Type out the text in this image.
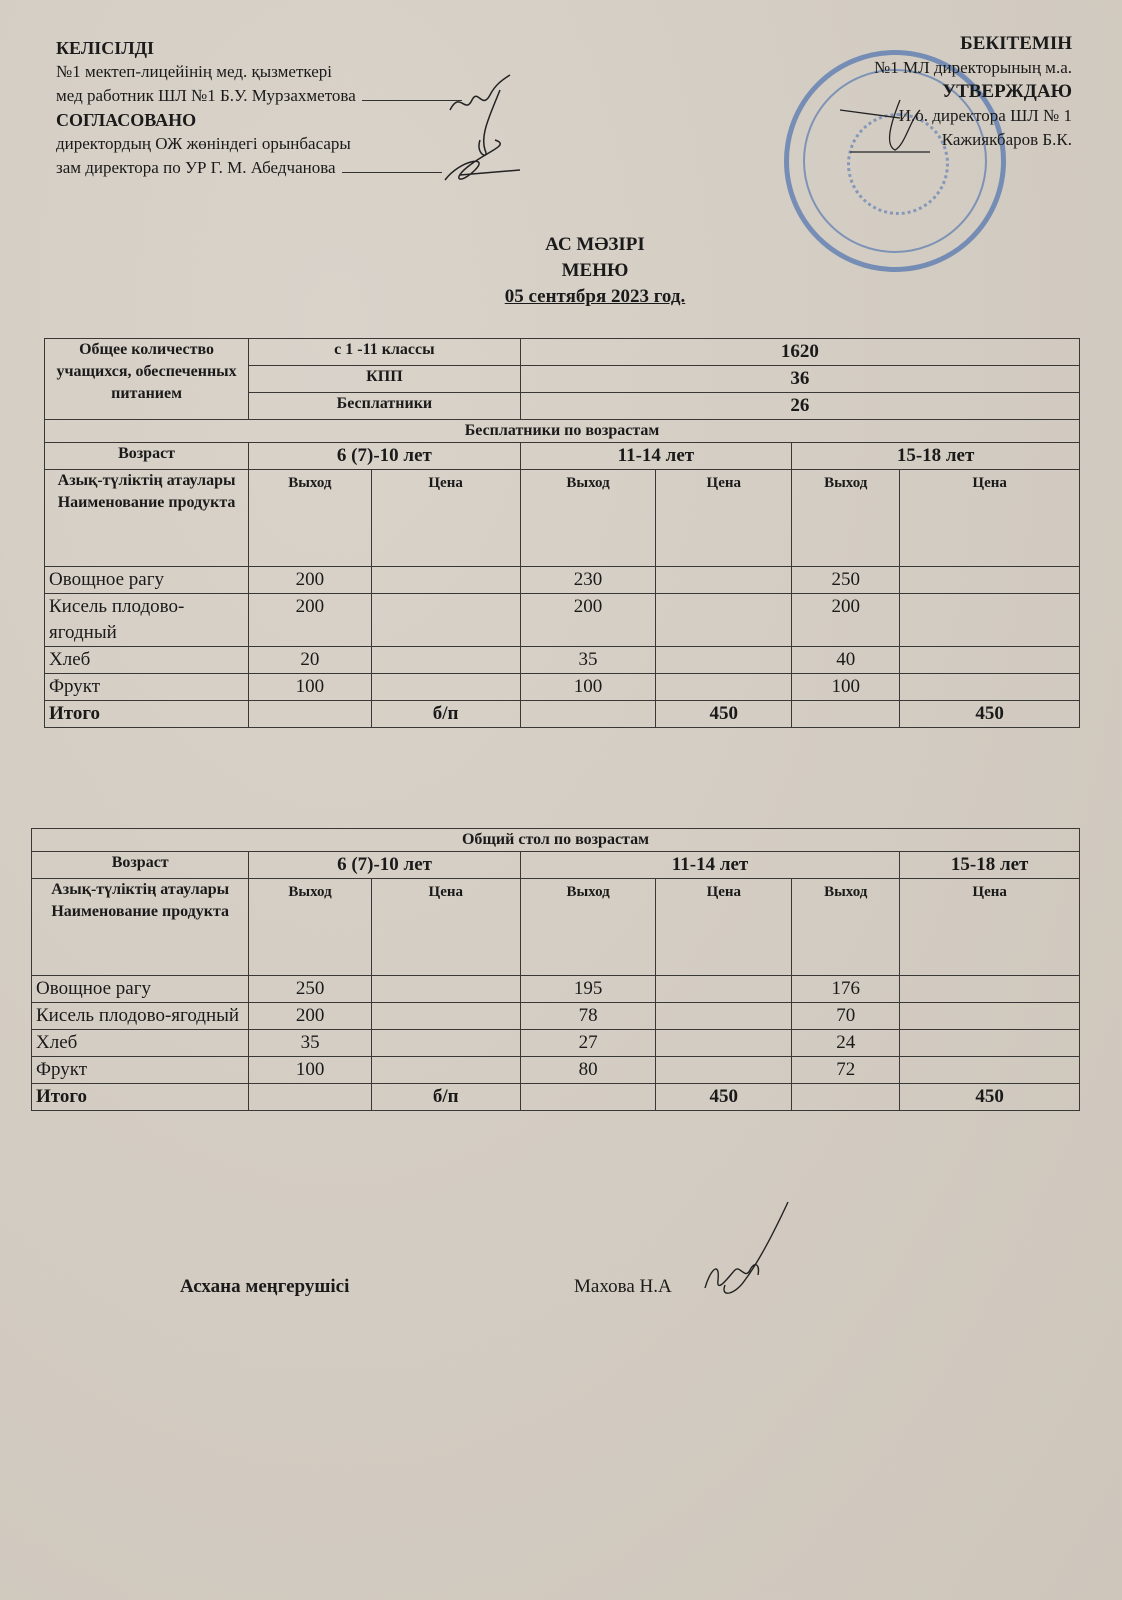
КЕЛІСІЛДІ
№1 мектеп-лицейінің мед. қызметкері
мед работник ШЛ №1 Б.У. Мурзахметова
СОГЛАСОВАНО
директордың ОЖ жөніндегі орынбасары
зам директора по УР Г. М. Абедчанова
БЕКІТЕМІН
№1 МЛ директорының м.а.
УТВЕРЖДАЮ
И.о. директора ШЛ № 1
Кажиякбаров Б.К.
АС МӘЗІРІ
МЕНЮ
05 сентября 2023 год.
Общее количество учащихся, обеспеченных питанием	с 1 -11 классы		1620			
	КПП		36			
	Бесплатники		26			
Бесплатники по возрастам						
Возраст	6 (7)-10 лет		11-14 лет		15-18 лет	
Азық-түліктің атаулары Наименование продукта	Выход	Цена	Выход	Цена	Выход	Цена
Овощное рагу	200		230		250	
Кисель плодово-ягодный	200		200		200	
Хлеб	20		35		40	
Фрукт	100		100		100	
Итого		б/п		450		450
Общий стол по возрастам						
Возраст	6 (7)-10 лет		11-14 лет			15-18 лет
Азық-түліктің атаулары Наименование продукта	Выход	Цена	Выход	Цена	Выход	Цена
Овощное рагу	250		195		176	
Кисель плодово-ягодный	200		78		70	
Хлеб	35		27		24	
Фрукт	100		80		72	
Итого		б/п		450		450
Асхана меңгерушісі	Махова Н.А
